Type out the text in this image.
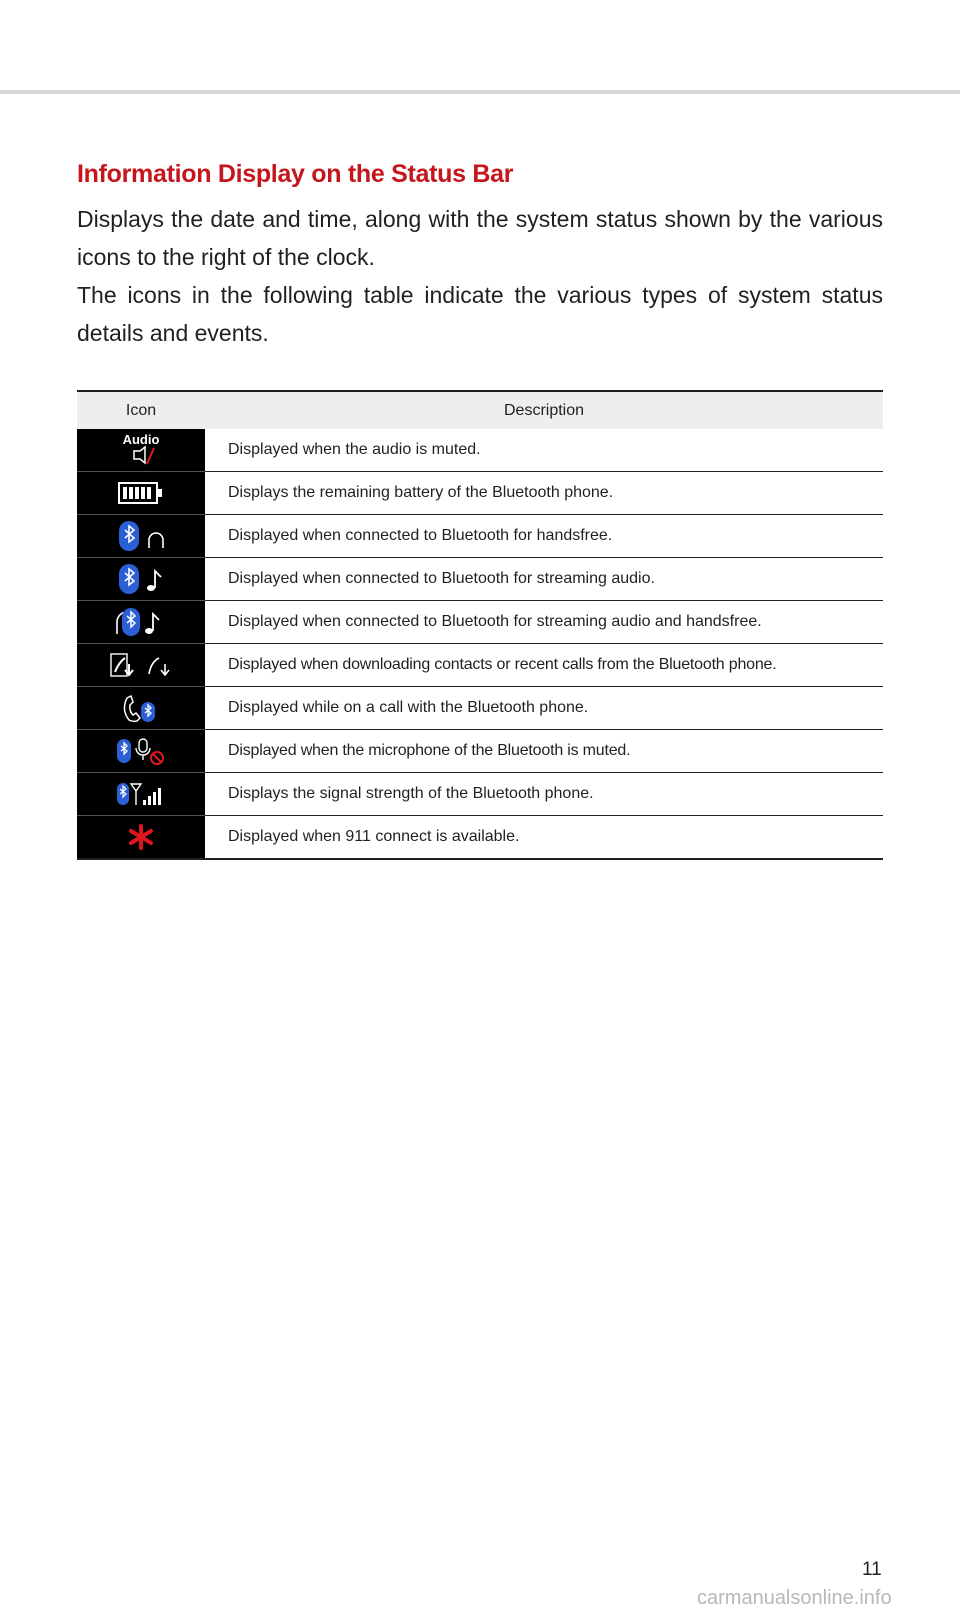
Information Display on the Status Bar

Displays the date and time, along with the system status shown by the various icons to the right of the clock.

The icons in the following table indicate the various types of system status details and events.

Icon	Description

Audio	Displayed when the audio is muted.
	Displays the remaining battery of the Bluetooth phone.
	Displayed when connected to Bluetooth for handsfree.
	Displayed when connected to Bluetooth for streaming audio.
	Displayed when connected to Bluetooth for streaming audio and handsfree.
	Displayed when downloading contacts or recent calls from the Bluetooth phone.
	Displayed while on a call with the Bluetooth phone.
	Displayed when the microphone of the Bluetooth is muted.
	Displays the signal strength of the Bluetooth phone.
	Displayed when 911 connect is available.
11
carmanualsonline.info
